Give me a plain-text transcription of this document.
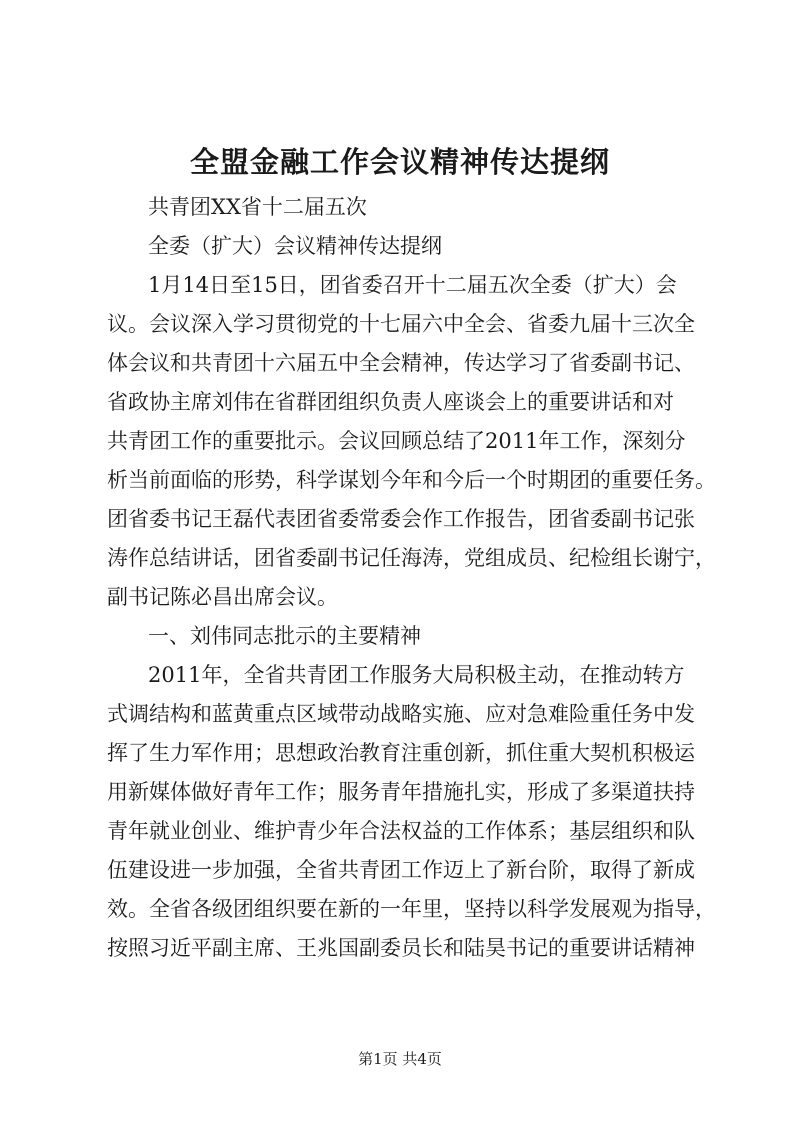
全盟金融工作会议精神传达提纲

共青团XX省十二届五次

全委（扩大）会议精神传达提纲

1月14日至15日，团省委召开十二届五次全委（扩大）会

议。会议深入学习贯彻党的十七届六中全会、省委九届十三次全

体会议和共青团十六届五中全会精神，传达学习了省委副书记、

省政协主席刘伟在省群团组织负责人座谈会上的重要讲话和对

共青团工作的重要批示。会议回顾总结了2011年工作，深刻分

析当前面临的形势，科学谋划今年和今后一个时期团的重要任务。

团省委书记王磊代表团省委常委会作工作报告，团省委副书记张

涛作总结讲话，团省委副书记任海涛，党组成员、纪检组长谢宁，

副书记陈必昌出席会议。

一、刘伟同志批示的主要精神

2011年，全省共青团工作服务大局积极主动，在推动转方

式调结构和蓝黄重点区域带动战略实施、应对急难险重任务中发

挥了生力军作用；思想政治教育注重创新，抓住重大契机积极运

用新媒体做好青年工作；服务青年措施扎实，形成了多渠道扶持

青年就业创业、维护青少年合法权益的工作体系；基层组织和队

伍建设进一步加强，全省共青团工作迈上了新台阶，取得了新成

效。全省各级团组织要在新的一年里，坚持以科学发展观为指导，

按照习近平副主席、王兆国副委员长和陆昊书记的重要讲话精神

第1页 共4页
